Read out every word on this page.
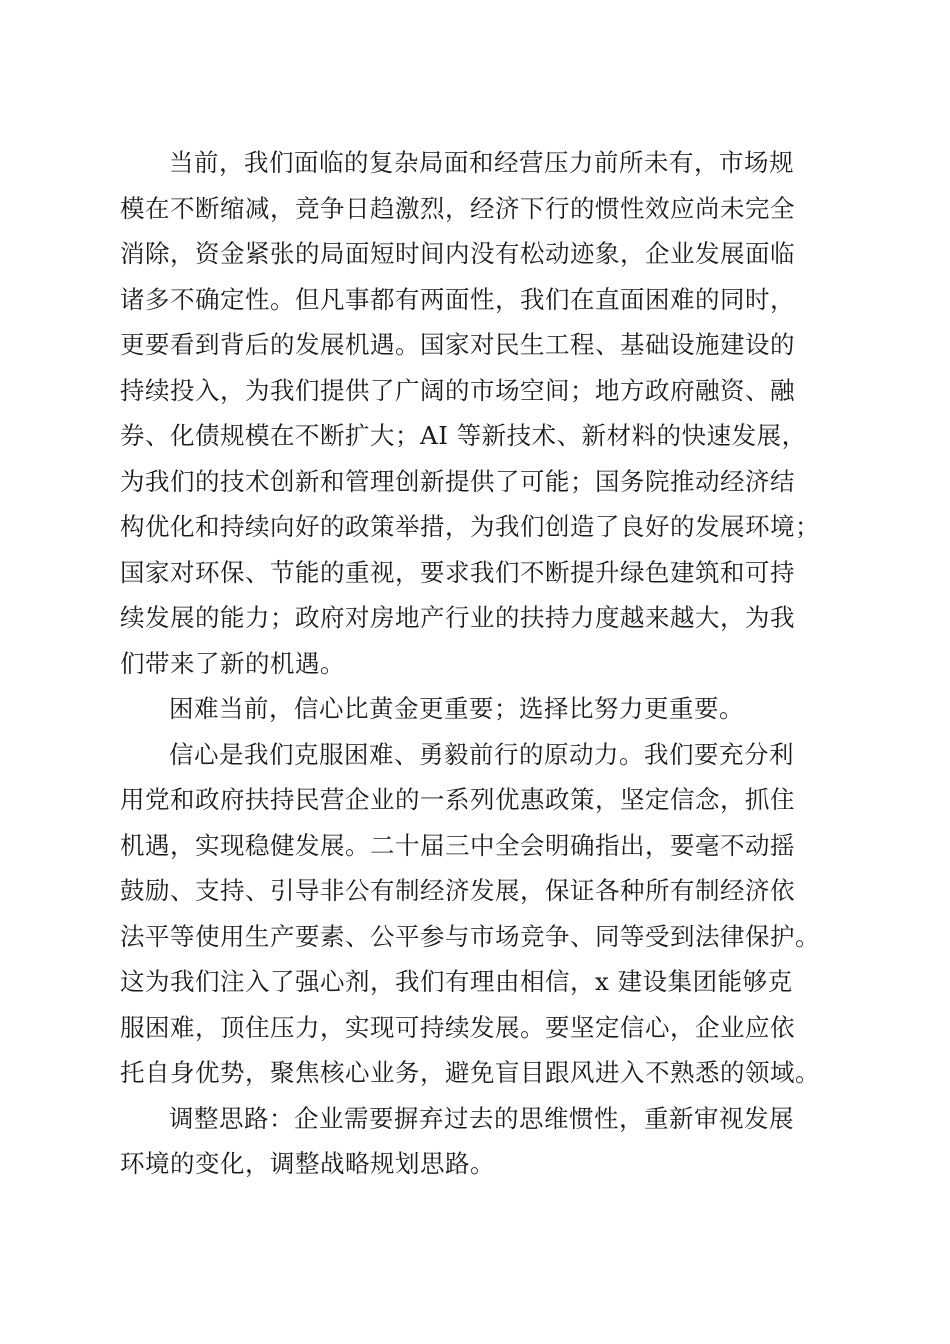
当前，我们面临的复杂局面和经营压力前所未有，市场规
模在不断缩减，竞争日趋激烈，经济下行的惯性效应尚未完全
消除，资金紧张的局面短时间内没有松动迹象，企业发展面临
诸多不确定性。但凡事都有两面性，我们在直面困难的同时，
更要看到背后的发展机遇。国家对民生工程、基础设施建设的
持续投入，为我们提供了广阔的市场空间；地方政府融资、融
券、化债规模在不断扩大；AI 等新技术、新材料的快速发展，
为我们的技术创新和管理创新提供了可能；国务院推动经济结
构优化和持续向好的政策举措，为我们创造了良好的发展环境；
国家对环保、节能的重视，要求我们不断提升绿色建筑和可持
续发展的能力；政府对房地产行业的扶持力度越来越大，为我
们带来了新的机遇。
困难当前，信心比黄金更重要；选择比努力更重要。
信心是我们克服困难、勇毅前行的原动力。我们要充分利
用党和政府扶持民营企业的一系列优惠政策，坚定信念，抓住
机遇，实现稳健发展。二十届三中全会明确指出，要毫不动摇
鼓励、支持、引导非公有制经济发展，保证各种所有制经济依
法平等使用生产要素、公平参与市场竞争、同等受到法律保护。
这为我们注入了强心剂，我们有理由相信，x 建设集团能够克
服困难，顶住压力，实现可持续发展。要坚定信心，企业应依
托自身优势，聚焦核心业务，避免盲目跟风进入不熟悉的领域。
调整思路：企业需要摒弃过去的思维惯性，重新审视发展
环境的变化，调整战略规划思路。
